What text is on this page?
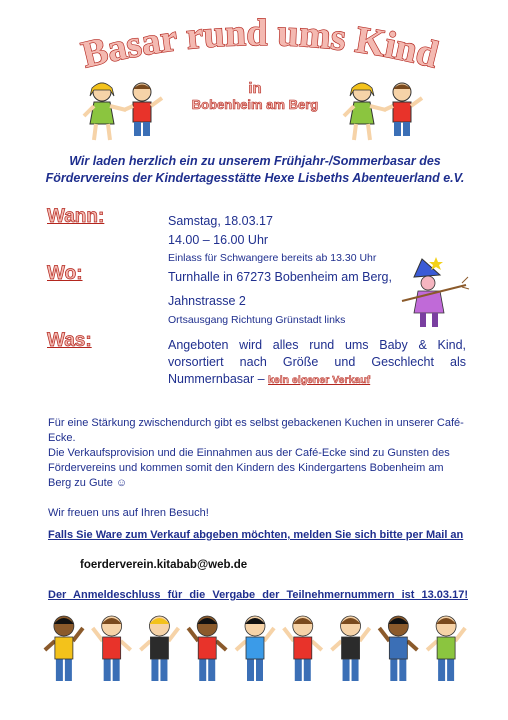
Basar rund ums Kind
in
Bobenheim am Berg
Wir laden herzlich ein zu unserem Frühjahr-/Sommerbasar des
Fördervereins der Kindertagesstätte Hexe Lisbeths Abenteuerland e.V.
Wann:	Samstag, 18.03.17
14.00 – 16.00 Uhr
Einlass für Schwangere bereits ab 13.30 Uhr
Wo:	Turnhalle in 67273 Bobenheim am Berg,
Jahnstrasse 2
Ortsausgang Richtung Grünstadt links
Was:	Angeboten wird alles rund ums Baby & Kind, vorsortiert nach Größe und Geschlecht als Nummernbasar – kein eigener Verkauf
Für eine Stärkung zwischendurch gibt es selbst gebackenen Kuchen in unserer Café-Ecke.
Die Verkaufsprovision und die Einnahmen aus der Café-Ecke sind zu Gunsten des Fördervereins und kommen somit den Kindern des Kindergartens Bobenheim am Berg zu Gute ☺
Wir freuen uns auf Ihren Besuch!
Falls Sie Ware zum Verkauf abgeben möchten, melden Sie sich bitte per Mail an
foerderverein.kitabab@web.de
Der Anmeldeschluss für die Vergabe der Teilnehmernummern ist 13.03.17!
